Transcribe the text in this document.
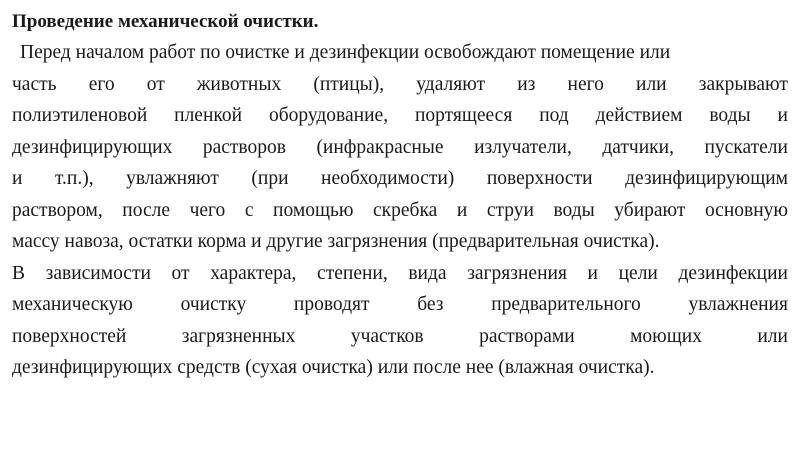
Проведение механической очистки.
Перед началом работ по очистке и дезинфекции освобождают помещение или
часть его от животных (птицы), удаляют из него или закрывают
полиэтиленовой пленкой оборудование, портящееся под действием воды и
дезинфицирующих растворов (инфракрасные излучатели, датчики, пускатели
и т.п.), увлажняют (при необходимости) поверхности дезинфицирующим
раствором, после чего с помощью скребка и струи воды убирают основную
массу навоза, остатки корма и другие загрязнения (предварительная очистка).
В зависимости от характера, степени, вида загрязнения и цели дезинфекции
механическую очистку проводят без предварительного увлажнения
поверхностей	загрязненных	участков	растворами	моющих	или
дезинфицирующих средств (сухая очистка) или после нее (влажная очистка).
